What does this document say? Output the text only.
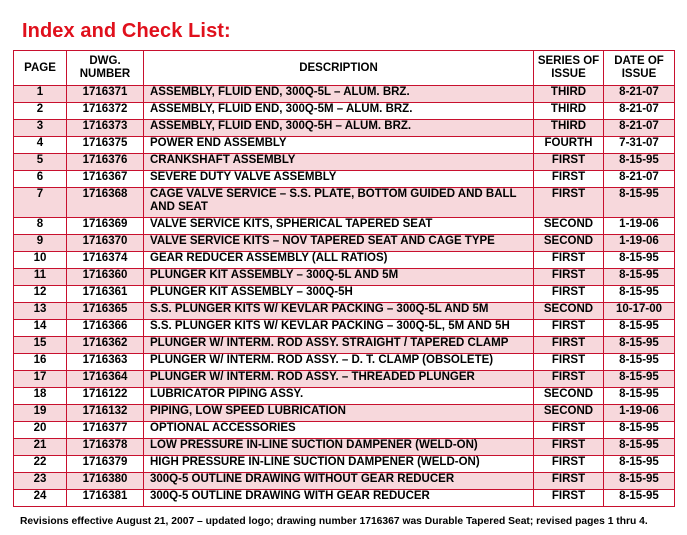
Index and Check List:
PAGE	DWG. NUMBER	DESCRIPTION	SERIES OF ISSUE	DATE OF ISSUE
1	1716371	ASSEMBLY, FLUID END, 300Q-5L – ALUM. BRZ.	THIRD	8-21-07
2	1716372	ASSEMBLY, FLUID END, 300Q-5M – ALUM. BRZ.	THIRD	8-21-07
3	1716373	ASSEMBLY, FLUID END, 300Q-5H – ALUM. BRZ.	THIRD	8-21-07
4	1716375	POWER END ASSEMBLY	FOURTH	7-31-07
5	1716376	CRANKSHAFT ASSEMBLY	FIRST	8-15-95
6	1716367	SEVERE DUTY VALVE ASSEMBLY	FIRST	8-21-07
7	1716368	CAGE VALVE SERVICE – S.S. PLATE, BOTTOM GUIDED AND BALL AND SEAT	FIRST	8-15-95
8	1716369	VALVE SERVICE KITS, SPHERICAL TAPERED SEAT	SECOND	1-19-06
9	1716370	VALVE SERVICE KITS – NOV TAPERED SEAT AND CAGE TYPE	SECOND	1-19-06
10	1716374	GEAR REDUCER ASSEMBLY (ALL RATIOS)	FIRST	8-15-95
11	1716360	PLUNGER KIT ASSEMBLY – 300Q-5L AND 5M	FIRST	8-15-95
12	1716361	PLUNGER KIT ASSEMBLY – 300Q-5H	FIRST	8-15-95
13	1716365	S.S. PLUNGER KITS W/ KEVLAR PACKING – 300Q-5L AND 5M	SECOND	10-17-00
14	1716366	S.S. PLUNGER KITS W/ KEVLAR PACKING – 300Q-5L, 5M AND 5H	FIRST	8-15-95
15	1716362	PLUNGER W/ INTERM. ROD ASSY. STRAIGHT / TAPERED CLAMP	FIRST	8-15-95
16	1716363	PLUNGER W/ INTERM. ROD ASSY. – D. T. CLAMP (OBSOLETE)	FIRST	8-15-95
17	1716364	PLUNGER W/ INTERM. ROD ASSY. – THREADED PLUNGER	FIRST	8-15-95
18	1716122	LUBRICATOR PIPING ASSY.	SECOND	8-15-95
19	1716132	PIPING, LOW SPEED LUBRICATION	SECOND	1-19-06
20	1716377	OPTIONAL ACCESSORIES	FIRST	8-15-95
21	1716378	LOW PRESSURE IN-LINE SUCTION DAMPENER (WELD-ON)	FIRST	8-15-95
22	1716379	HIGH PRESSURE IN-LINE SUCTION DAMPENER (WELD-ON)	FIRST	8-15-95
23	1716380	300Q-5 OUTLINE DRAWING WITHOUT GEAR REDUCER	FIRST	8-15-95
24	1716381	300Q-5 OUTLINE DRAWING WITH GEAR REDUCER	FIRST	8-15-95

Revisions effective August 21, 2007 – updated logo; drawing number 1716367 was Durable Tapered Seat; revised pages 1 thru 4.
